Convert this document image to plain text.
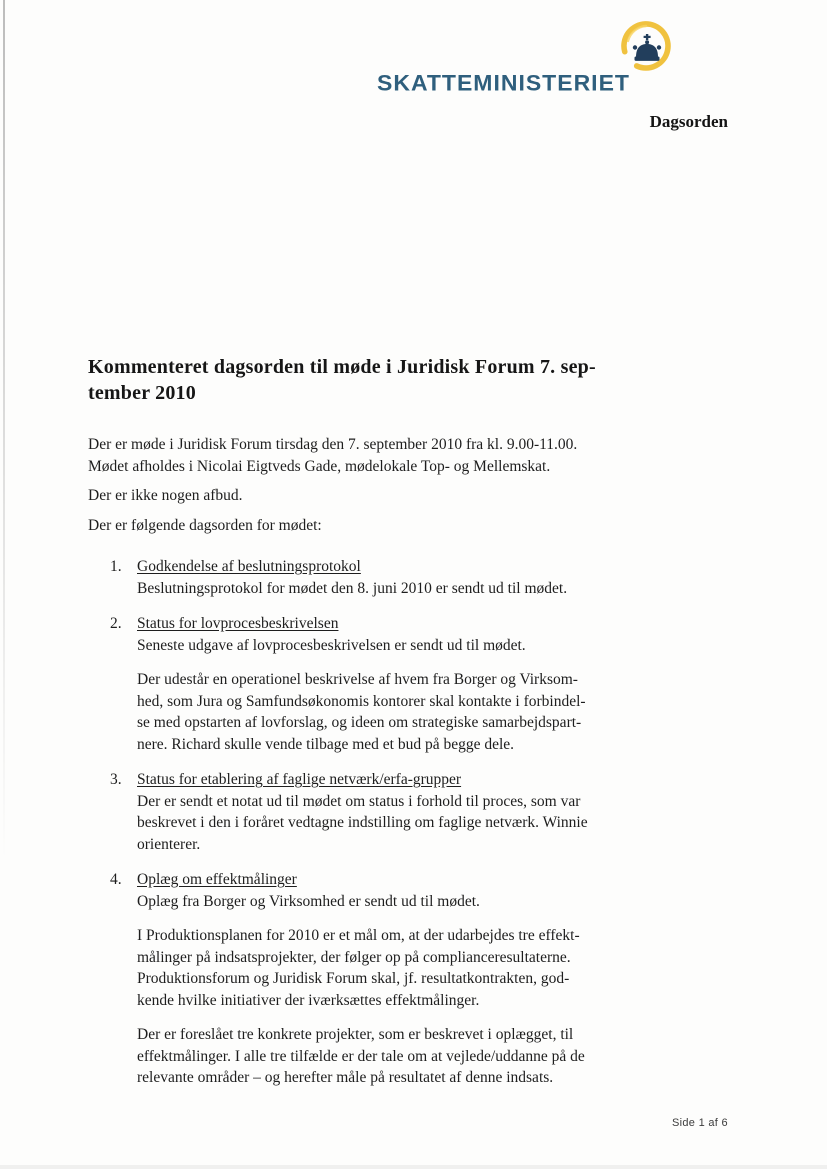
SKATTEMINISTERIET
Dagsorden
Kommenteret dagsorden til møde i Juridisk Forum 7. sep-
tember 2010

Der er møde i Juridisk Forum tirsdag den 7. september 2010 fra kl. 9.00-11.00.
Mødet afholdes i Nicolai Eigtveds Gade, mødelokale Top- og Mellemskat.

Der er ikke nogen afbud.

Der er følgende dagsorden for mødet:

1. Godkendelse af beslutningsprotokol

Beslutningsprotokol for mødet den 8. juni 2010 er sendt ud til mødet.

2. Status for lovprocesbeskrivelsen

Seneste udgave af lovprocesbeskrivelsen er sendt ud til mødet.

Der udestår en operationel beskrivelse af hvem fra Borger og Virksom-
hed, som Jura og Samfundsøkonomis kontorer skal kontakte i forbindel-
se med opstarten af lovforslag, og ideen om strategiske samarbejdspart-
nere. Richard skulle vende tilbage med et bud på begge dele.

3. Status for etablering af faglige netværk/erfa-grupper

Der er sendt et notat ud til mødet om status i forhold til proces, som var
beskrevet i den i foråret vedtagne indstilling om faglige netværk. Winnie
orienterer.

4. Oplæg om effektmålinger

Oplæg fra Borger og Virksomhed er sendt ud til mødet.

I Produktionsplanen for 2010 er et mål om, at der udarbejdes tre effekt-
målinger på indsatsprojekter, der følger op på complianceresultaterne.
Produktionsforum og Juridisk Forum skal, jf. resultatkontrakten, god-
kende hvilke initiativer der iværksættes effektmålinger.

Der er foreslået tre konkrete projekter, som er beskrevet i oplægget, til
effektmålinger. I alle tre tilfælde er der tale om at vejlede/uddanne på de
relevante områder – og herefter måle på resultatet af denne indsats.

Side 1 af 6
